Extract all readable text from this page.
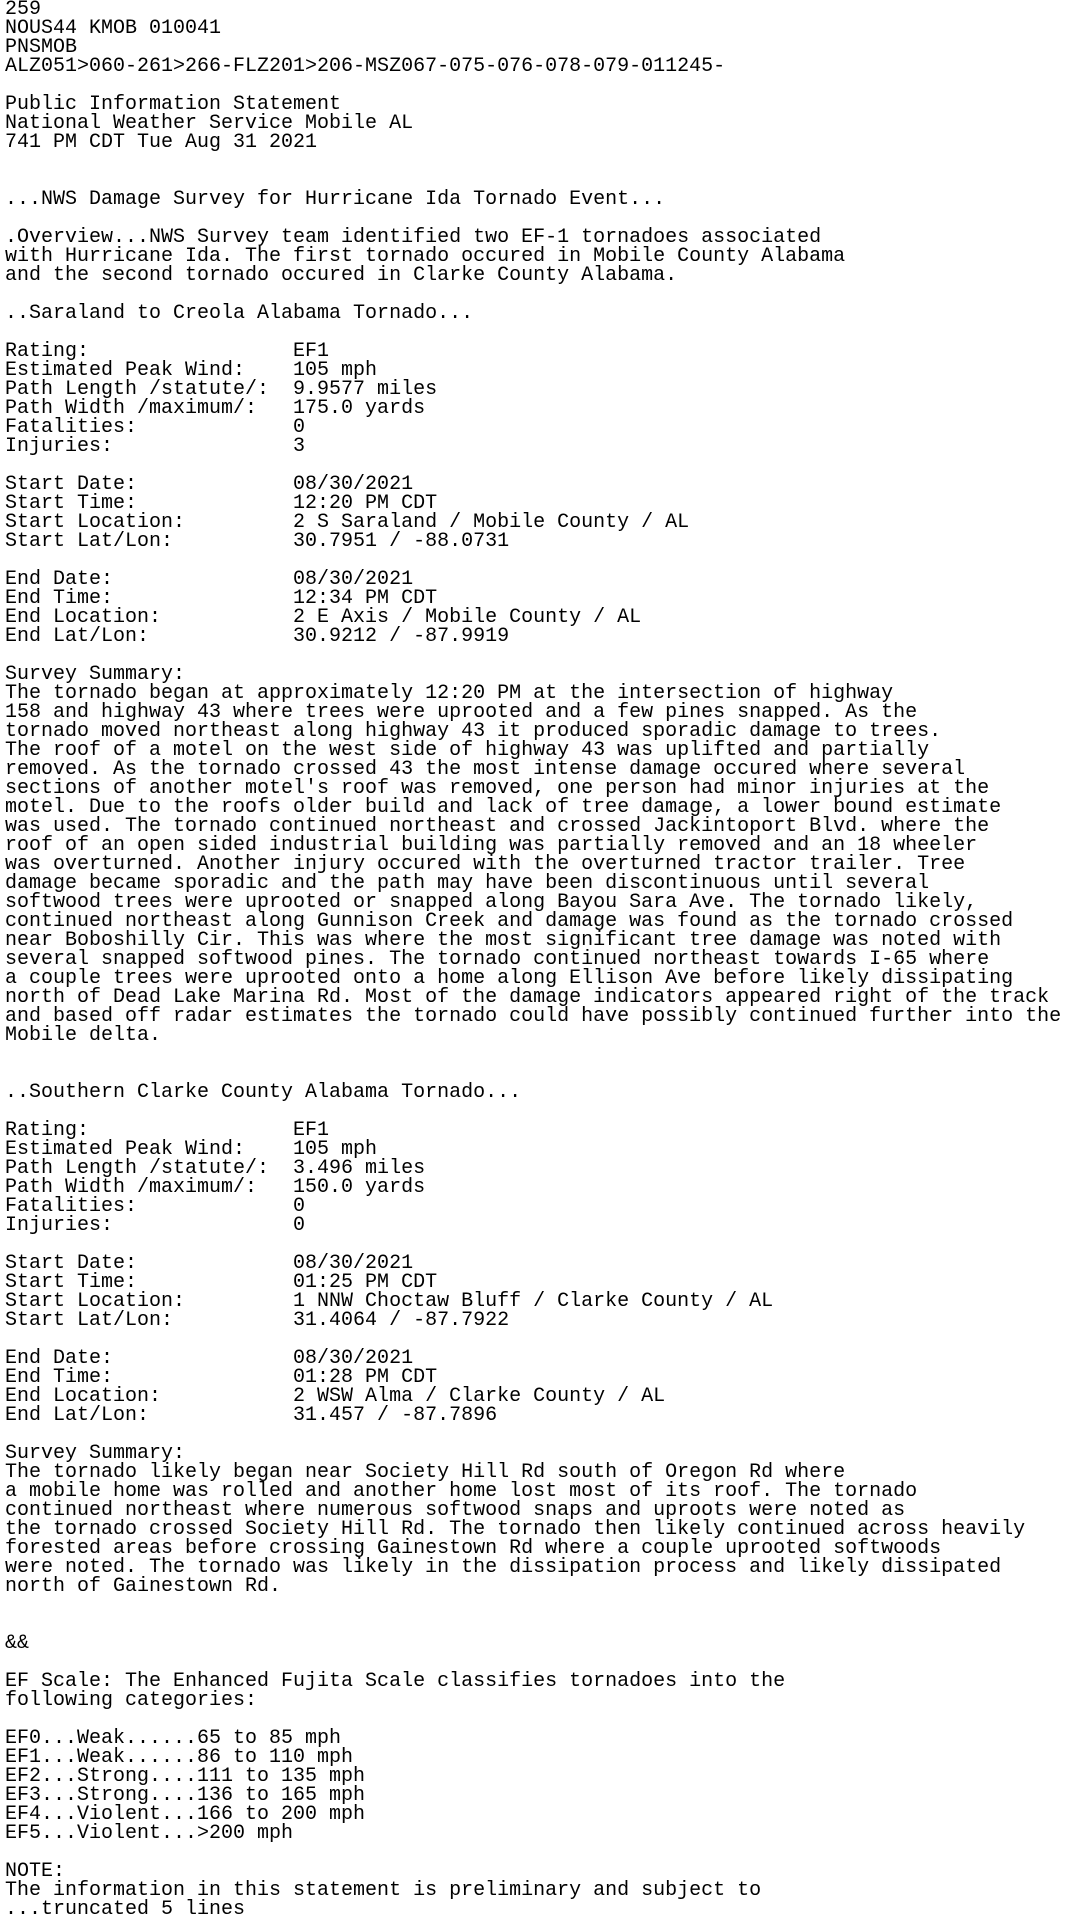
259
NOUS44 KMOB 010041
PNSMOB
ALZ051>060-261>266-FLZ201>206-MSZ067-075-076-078-079-011245-
Public Information Statement
National Weather Service Mobile AL
741 PM CDT Tue Aug 31 2021
...NWS Damage Survey for Hurricane Ida Tornado Event...
.Overview...NWS Survey team identified two EF-1 tornadoes associated
with Hurricane Ida. The first tornado occured in Mobile County Alabama
and the second tornado occured in Clarke County Alabama.
..Saraland to Creola Alabama Tornado...
Rating:                 EF1
Estimated Peak Wind:    105 mph
Path Length /statute/:  9.9577 miles
Path Width /maximum/:   175.0 yards
Fatalities:             0
Injuries:               3
Start Date:             08/30/2021
Start Time:             12:20 PM CDT
Start Location:         2 S Saraland / Mobile County / AL
Start Lat/Lon:          30.7951 / -88.0731
End Date:               08/30/2021
End Time:               12:34 PM CDT
End Location:           2 E Axis / Mobile County / AL
End Lat/Lon:            30.9212 / -87.9919
Survey Summary:
The tornado began at approximately 12:20 PM at the intersection of highway
158 and highway 43 where trees were uprooted and a few pines snapped. As the
tornado moved northeast along highway 43 it produced sporadic damage to trees.
The roof of a motel on the west side of highway 43 was uplifted and partially
removed. As the tornado crossed 43 the most intense damage occured where several
sections of another motel's roof was removed, one person had minor injuries at the
motel. Due to the roofs older build and lack of tree damage, a lower bound estimate
was used. The tornado continued northeast and crossed Jackintoport Blvd. where the
roof of an open sided industrial building was partially removed and an 18 wheeler
was overturned. Another injury occured with the overturned tractor trailer. Tree
damage became sporadic and the path may have been discontinuous until several
softwood trees were uprooted or snapped along Bayou Sara Ave. The tornado likely,
continued northeast along Gunnison Creek and damage was found as the tornado crossed
near Boboshilly Cir. This was where the most significant tree damage was noted with
several snapped softwood pines. The tornado continued northeast towards I-65 where
a couple trees were uprooted onto a home along Ellison Ave before likely dissipating
north of Dead Lake Marina Rd. Most of the damage indicators appeared right of the track
and based off radar estimates the tornado could have possibly continued further into the
Mobile delta.
..Southern Clarke County Alabama Tornado...
Rating:                 EF1
Estimated Peak Wind:    105 mph
Path Length /statute/:  3.496 miles
Path Width /maximum/:   150.0 yards
Fatalities:             0
Injuries:               0
Start Date:             08/30/2021
Start Time:             01:25 PM CDT
Start Location:         1 NNW Choctaw Bluff / Clarke County / AL
Start Lat/Lon:          31.4064 / -87.7922
End Date:               08/30/2021
End Time:               01:28 PM CDT
End Location:           2 WSW Alma / Clarke County / AL
End Lat/Lon:            31.457 / -87.7896
Survey Summary:
The tornado likely began near Society Hill Rd south of Oregon Rd where
a mobile home was rolled and another home lost most of its roof. The tornado
continued northeast where numerous softwood snaps and uproots were noted as
the tornado crossed Society Hill Rd. The tornado then likely continued across heavily
forested areas before crossing Gainestown Rd where a couple uprooted softwoods
were noted. The tornado was likely in the dissipation process and likely dissipated
north of Gainestown Rd.
&&
EF Scale: The Enhanced Fujita Scale classifies tornadoes into the
following categories:
EF0...Weak......65 to 85 mph
EF1...Weak......86 to 110 mph
EF2...Strong....111 to 135 mph
EF3...Strong....136 to 165 mph
EF4...Violent...166 to 200 mph
EF5...Violent...>200 mph
NOTE:
The information in this statement is preliminary and subject to
...truncated 5 lines
